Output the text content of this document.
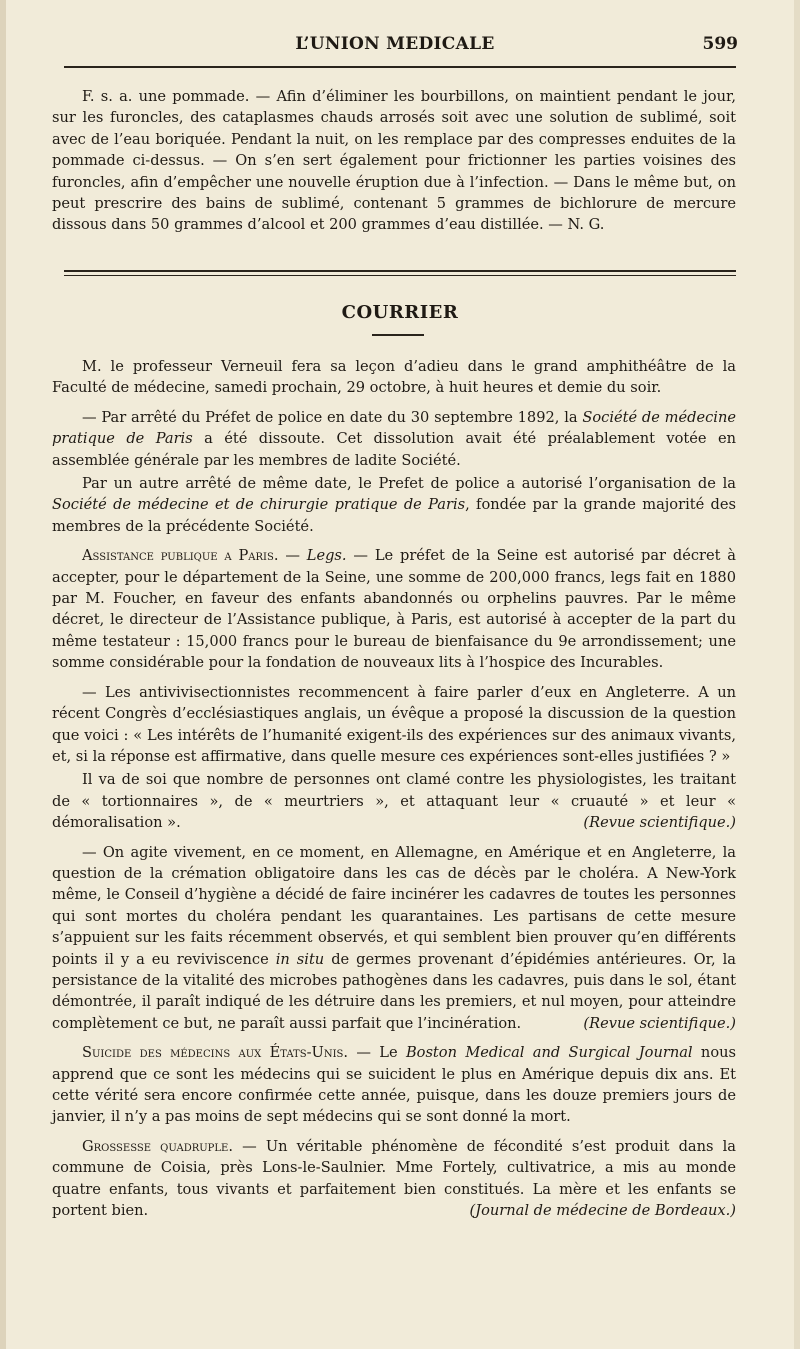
L’UNION MEDICALE	599

F. s. a. une pommade. — Afin d’éliminer les bourbillons, on maintient pendant le jour, sur les furoncles, des cataplasmes chauds arrosés soit avec une solution de sublimé, soit avec de l’eau boriquée. Pendant la nuit, on les remplace par des compresses enduites de la pommade ci-dessus. — On s’en sert également pour frictionner les parties voisines des furoncles, afin d’empêcher une nouvelle éruption due à l’infection. — Dans le même but, on peut prescrire des bains de sublimé, contenant 5 grammes de bichlorure de mercure dissous dans 50 grammes d’alcool et 200 grammes d’eau distillée. — N. G.

COURRIER

M. le professeur Verneuil fera sa leçon d’adieu dans le grand amphithéâtre de la Faculté de médecine, samedi prochain, 29 octobre, à huit heures et demie du soir.

— Par arrêté du Préfet de police en date du 30 septembre 1892, la Société de médecine pratique de Paris a été dissoute. Cet dissolution avait été préalablement votée en assemblée générale par les membres de ladite Société.

Par un autre arrêté de même date, le Prefet de police a autorisé l’organisation de la Société de médecine et de chirurgie pratique de Paris, fondée par la grande majorité des membres de la précédente Société.

Assistance publique a Paris. — Legs. — Le préfet de la Seine est autorisé par décret à accepter, pour le département de la Seine, une somme de 200,000 francs, legs fait en 1880 par M. Foucher, en faveur des enfants abandonnés ou orphelins pauvres. Par le même décret, le directeur de l’Assistance publique, à Paris, est autorisé à accepter de la part du même testateur : 15,000 francs pour le bureau de bienfaisance du 9e arrondissement; une somme considérable pour la fondation de nouveaux lits à l’hospice des Incurables.

— Les antivivisectionnistes recommencent à faire parler d’eux en Angleterre. A un récent Congrès d’ecclésiastiques anglais, un évêque a proposé la discussion de la question que voici : « Les intérêts de l’humanité exigent-ils des expériences sur des animaux vivants, et, si la réponse est affirmative, dans quelle mesure ces expériences sont-elles justifiées ? »

Il va de soi que nombre de personnes ont clamé contre les physiologistes, les traitant de « tortionnaires », de « meurtriers », et attaquant leur « cruauté » et leur « démoralisation ».	(Revue scientifique.)

— On agite vivement, en ce moment, en Allemagne, en Amérique et en Angleterre, la question de la crémation obligatoire dans les cas de décès par le choléra. A New-York même, le Conseil d’hygiène a décidé de faire incinérer les cadavres de toutes les personnes qui sont mortes du choléra pendant les quarantaines. Les partisans de cette mesure s’appuient sur les faits récemment observés, et qui semblent bien prouver qu’en différents points il y a eu reviviscence in situ de germes provenant d’épidémies antérieures. Or, la persistance de la vitalité des microbes pathogènes dans les cadavres, puis dans le sol, étant démontrée, il paraît indiqué de les détruire dans les premiers, et nul moyen, pour atteindre complètement ce but, ne paraît aussi parfait que l’incinération.	(Revue scientifique.)

Suicide des médecins aux États-Unis. — Le Boston Medical and Surgical Journal nous apprend que ce sont les médecins qui se suicident le plus en Amérique depuis dix ans. Et cette vérité sera encore confirmée cette année, puisque, dans les douze premiers jours de janvier, il n’y a pas moins de sept médecins qui se sont donné la mort.

Grossesse quadruple. — Un véritable phénomène de fécondité s’est produit dans la commune de Coisia, près Lons-le-Saulnier. Mme Fortely, cultivatrice, a mis au monde quatre enfants, tous vivants et parfaitement bien constitués. La mère et les enfants se portent bien.	(Journal de médecine de Bordeaux.)
